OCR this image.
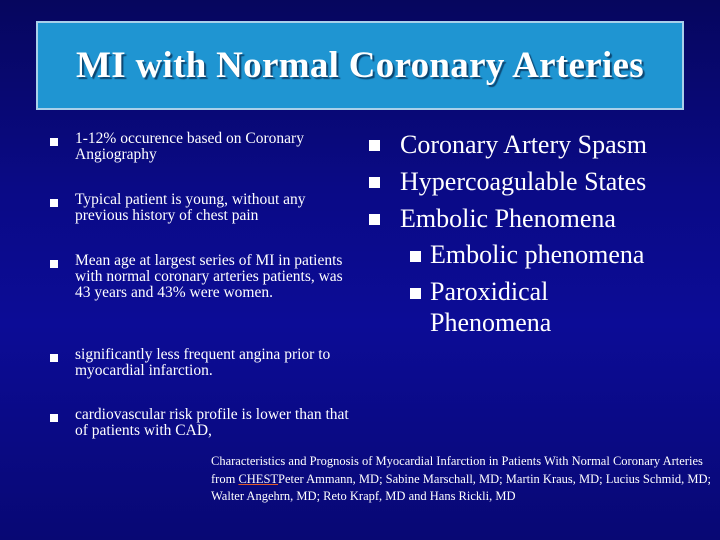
MI with Normal Coronary Arteries
1-12% occurence based on Coronary Angiography
Typical patient is young, without any previous history of chest pain
Mean age at largest series of MI in patients with normal coronary arteries patients, was 43 years and 43% were women.
significantly less frequent angina prior to myocardial infarction.
cardiovascular risk profile is lower than that of patients with CAD,
Coronary Artery Spasm
Hypercoagulable States
Embolic Phenomena
Embolic phenomena
Paroxidical Phenomena
Characteristics and Prognosis of Myocardial Infarction in Patients With Normal Coronary Arteries
from CHESTPeter Ammann, MD; Sabine Marschall, MD; Martin Kraus, MD; Lucius Schmid, MD; Walter Angehrn, MD; Reto Krapf, MD and Hans Rickli, MD
